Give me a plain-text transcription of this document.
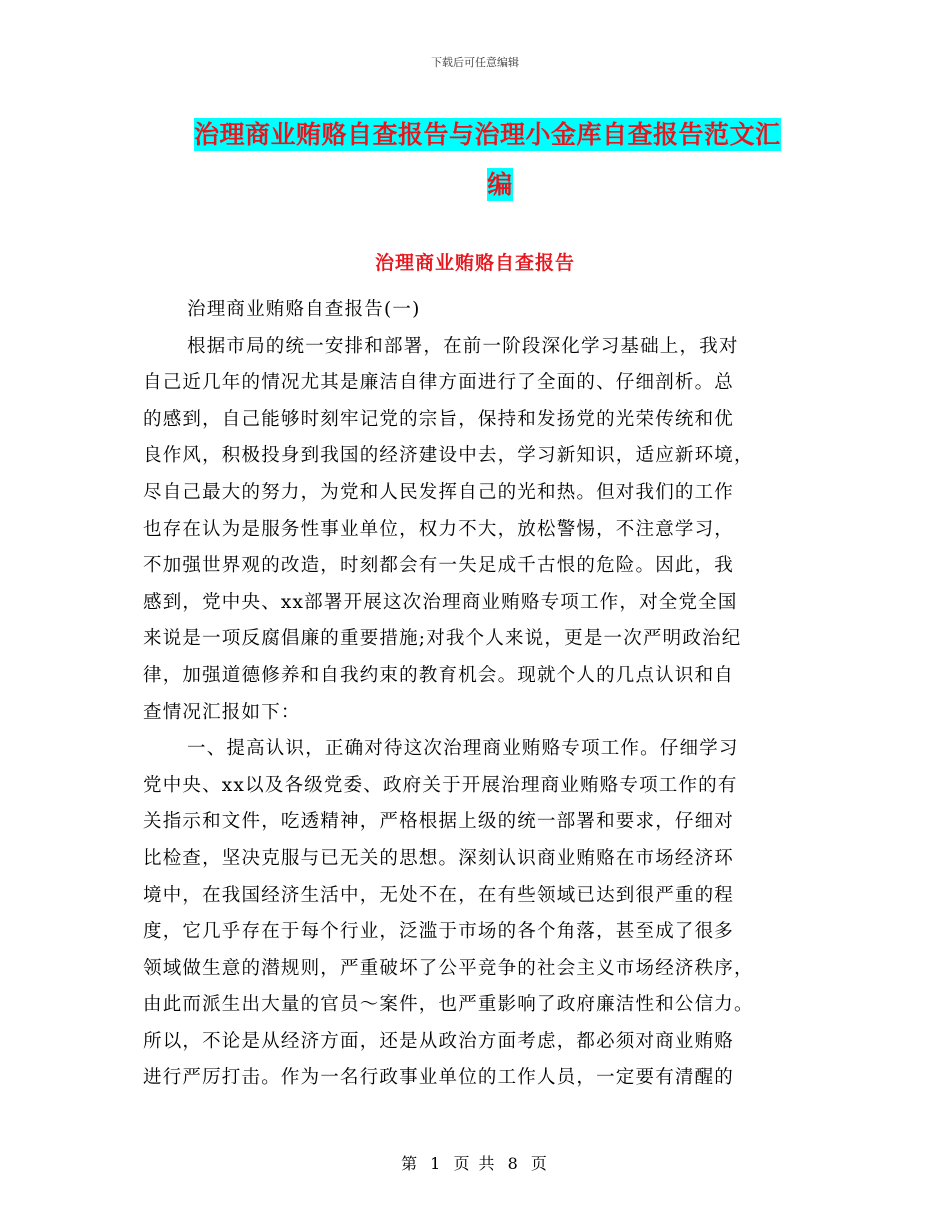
下载后可任意编辑
治理商业贿赂自查报告与治理小金库自查报告范文汇
编
治理商业贿赂自查报告
治理商业贿赂自查报告(一)
根据市局的统一安排和部署，在前一阶段深化学习基础上，我对
自己近几年的情况尤其是廉洁自律方面进行了全面的、仔细剖析。总
的感到，自己能够时刻牢记党的宗旨，保持和发扬党的光荣传统和优
良作风，积极投身到我国的经济建设中去，学习新知识，适应新环境，
尽自己最大的努力，为党和人民发挥自己的光和热。但对我们的工作
也存在认为是服务性事业单位，权力不大，放松警惕，不注意学习，
不加强世界观的改造，时刻都会有一失足成千古恨的危险。因此，我
感到，党中央、xx部署开展这次治理商业贿赂专项工作，对全党全国
来说是一项反腐倡廉的重要措施;对我个人来说，更是一次严明政治纪
律，加强道德修养和自我约束的教育机会。现就个人的几点认识和自
查情况汇报如下：
一、提高认识，正确对待这次治理商业贿赂专项工作。仔细学习
党中央、xx以及各级党委、政府关于开展治理商业贿赂专项工作的有
关指示和文件，吃透精神，严格根据上级的统一部署和要求，仔细对
比检查，坚决克服与已无关的思想。深刻认识商业贿赂在市场经济环
境中，在我国经济生活中，无处不在，在有些领域已达到很严重的程
度，它几乎存在于每个行业，泛滥于市场的各个角落，甚至成了很多
领域做生意的潜规则，严重破坏了公平竞争的社会主义市场经济秩序，
由此而派生出大量的官员～案件，也严重影响了政府廉洁性和公信力。
所以，不论是从经济方面，还是从政治方面考虑，都必须对商业贿赂
进行严厉打击。作为一名行政事业单位的工作人员，一定要有清醒的
第 1 页 共 8 页
